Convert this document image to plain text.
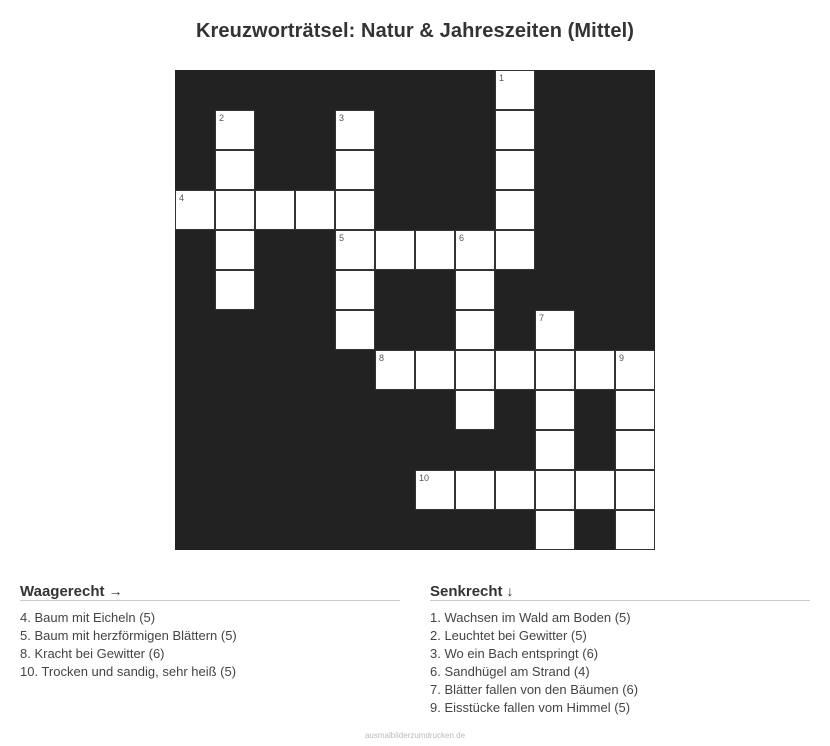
Kreuzworträtsel: Natur & Jahreszeiten (Mittel)
1
2	3
4
5	6
7
8	9
10
Waagerecht →
4. Baum mit Eicheln (5)
5. Baum mit herzförmigen Blättern (5)
8. Kracht bei Gewitter (6)
10. Trocken und sandig, sehr heiß (5)
Senkrecht ↓
1. Wachsen im Wald am Boden (5)
2. Leuchtet bei Gewitter (5)
3. Wo ein Bach entspringt (6)
6. Sandhügel am Strand (4)
7. Blätter fallen von den Bäumen (6)
9. Eisstücke fallen vom Himmel (5)
ausmalbilderzumdrucken.de
